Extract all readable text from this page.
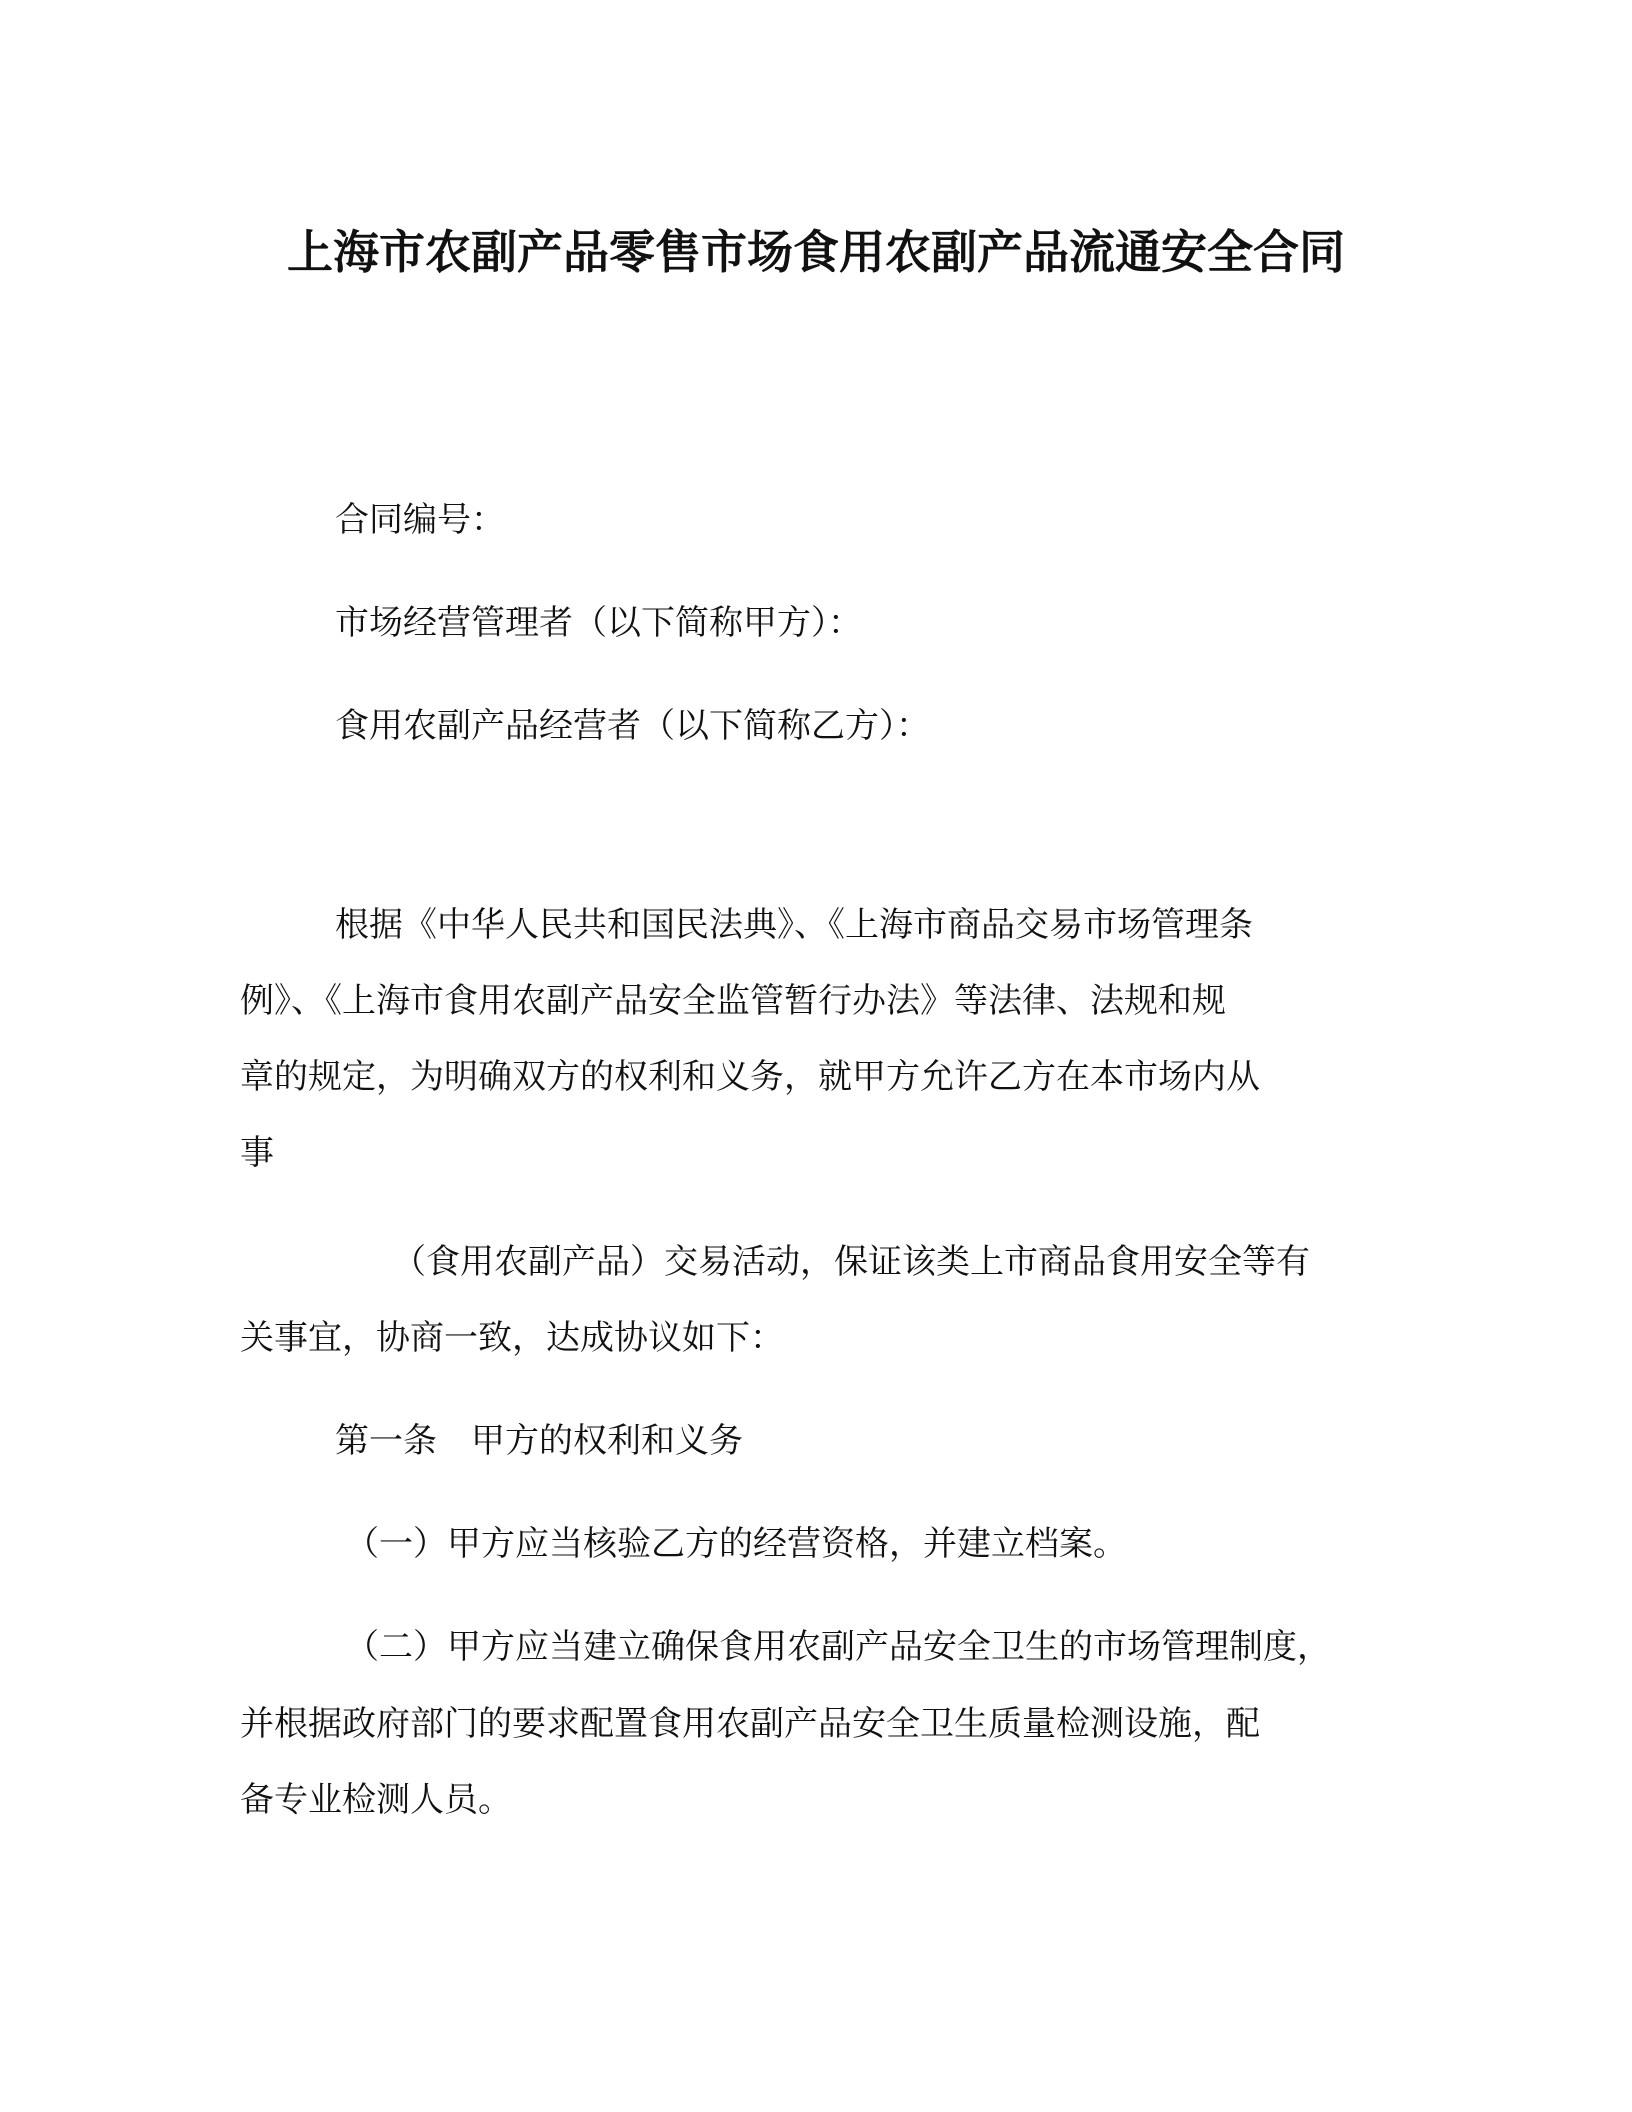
上海市农副产品零售市场食用农副产品流通安全合同
合同编号：
市场经营管理者（以下简称甲方）：
食用农副产品经营者（以下简称乙方）：
根据《中华人民共和国民法典》、《上海市商品交易市场管理条
例》、《上海市食用农副产品安全监管暂行办法》等法律、法规和规
章的规定，为明确双方的权利和义务，就甲方允许乙方在本市场内从
事
（食用农副产品）交易活动，保证该类上市商品食用安全等有
关事宜，协商一致，达成协议如下：
第一条　甲方的权利和义务
（一）甲方应当核验乙方的经营资格，并建立档案。
（二）甲方应当建立确保食用农副产品安全卫生的市场管理制度，
并根据政府部门的要求配置食用农副产品安全卫生质量检测设施，配
备专业检测人员。
